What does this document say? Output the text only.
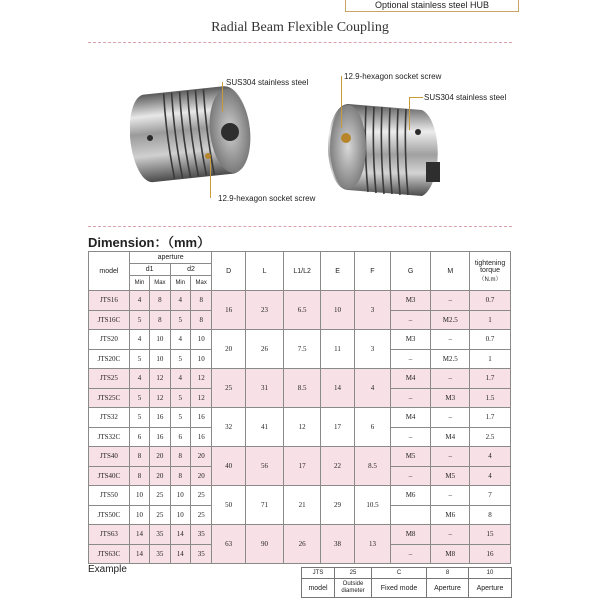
Optional stainless steel HUB
Radial Beam Flexible Coupling
SUS304 stainless steel
12.9-hexagon socket screw
12.9-hexagon socket screw
SUS304 stainless steel
Dimension：（mm）
model	aperture				D	L	L1/L2	E	F	G	M	tightening torque
（N.m）

	d1		d2									
	Min	Max	Min	Max								
JTS16	4	8	4	8	16	23	6.5	10	3	M3	–	0.7
JTS16C	5	8	5	8						–	M2.5	1
JTS20	4	10	4	10	20	26	7.5	11	3	M3	–	0.7
JTS20C	5	10	5	10						–	M2.5	1
JTS25	4	12	4	12	25	31	8.5	14	4	M4	–	1.7
JTS25C	5	12	5	12						–	M3	1.5
JTS32	5	16	5	16	32	41	12	17	6	M4	–	1.7
JTS32C	6	16	6	16						–	M4	2.5
JTS40	8	20	8	20	40	56	17	22	8.5	M5	–	4
JTS40C	8	20	8	20						–	M5	4
JTS50	10	25	10	25	50	71	21	29	10.5	M6	–	7
JTS50C	10	25	10	25							M6	8
JTS63	14	35	14	35	63	90	26	38	13	M8	–	15
JTS63C	14	35	14	35						–	M8	16
Example	JTS	25	C	8	10
model	Outside diameter	Fixed mode	Aperture	Aperture
